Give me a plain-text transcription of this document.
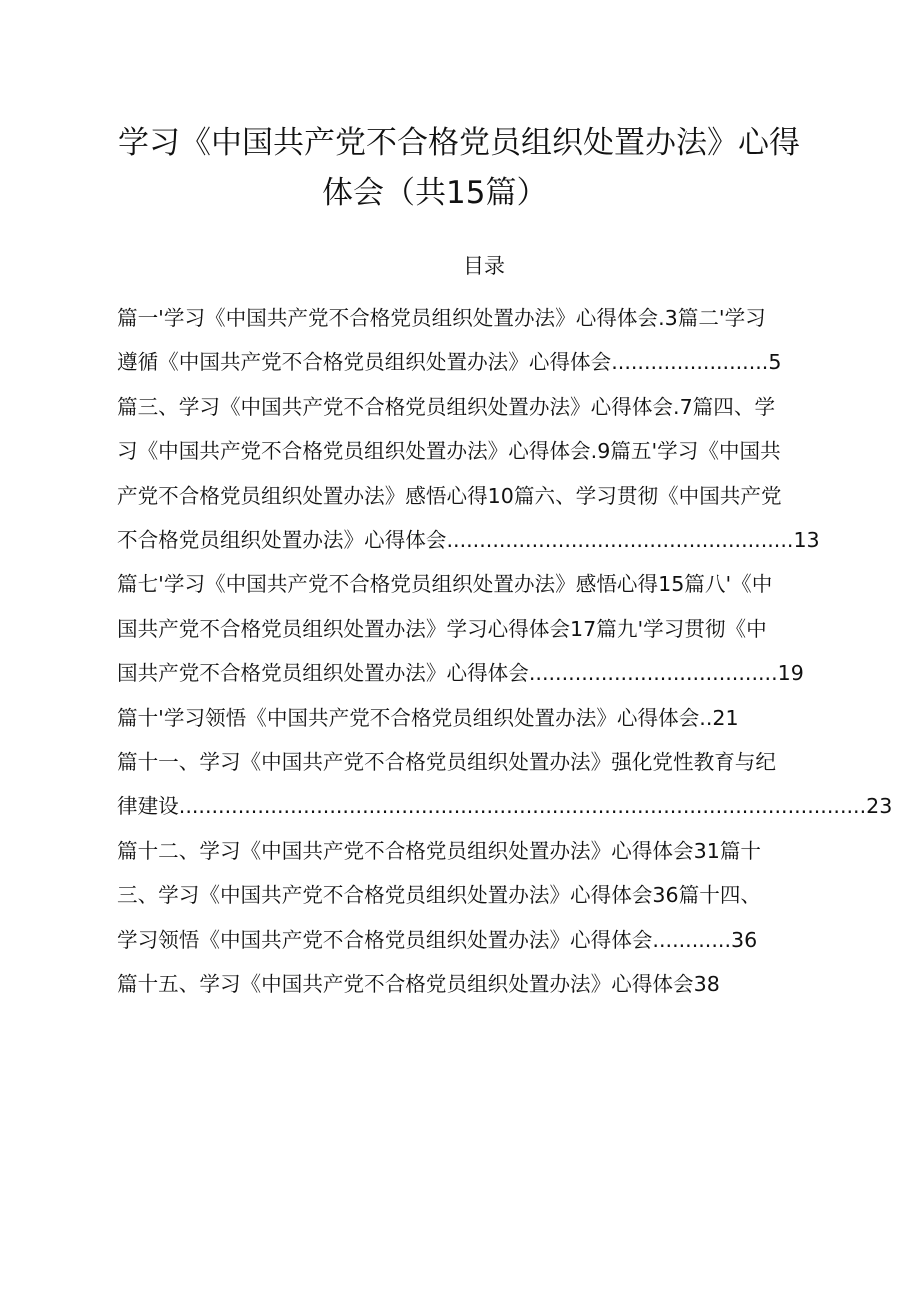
学习《中国共产党不合格党员组织处置办法》心得
体会（共15篇）
目录
篇一'学习《中国共产党不合格党员组织处置办法》心得体会.3篇二'学习
遵循《中国共产党不合格党员组织处置办法》心得体会........................5
篇三、学习《中国共产党不合格党员组织处置办法》心得体会.7篇四、学
习《中国共产党不合格党员组织处置办法》心得体会.9篇五'学习《中国共
产党不合格党员组织处置办法》感悟心得10篇六、学习贯彻《中国共产党
不合格党员组织处置办法》心得体会.....................................................13
篇七'学习《中国共产党不合格党员组织处置办法》感悟心得15篇八'《中
国共产党不合格党员组织处置办法》学习心得体会17篇九'学习贯彻《中
国共产党不合格党员组织处置办法》心得体会......................................19
篇十'学习领悟《中国共产党不合格党员组织处置办法》心得体会..21
篇十一、学习《中国共产党不合格党员组织处置办法》强化党性教育与纪
律建设.........................................................................................................23
篇十二、学习《中国共产党不合格党员组织处置办法》心得体会31篇十
三、学习《中国共产党不合格党员组织处置办法》心得体会36篇十四、
学习领悟《中国共产党不合格党员组织处置办法》心得体会............36
篇十五、学习《中国共产党不合格党员组织处置办法》心得体会38
